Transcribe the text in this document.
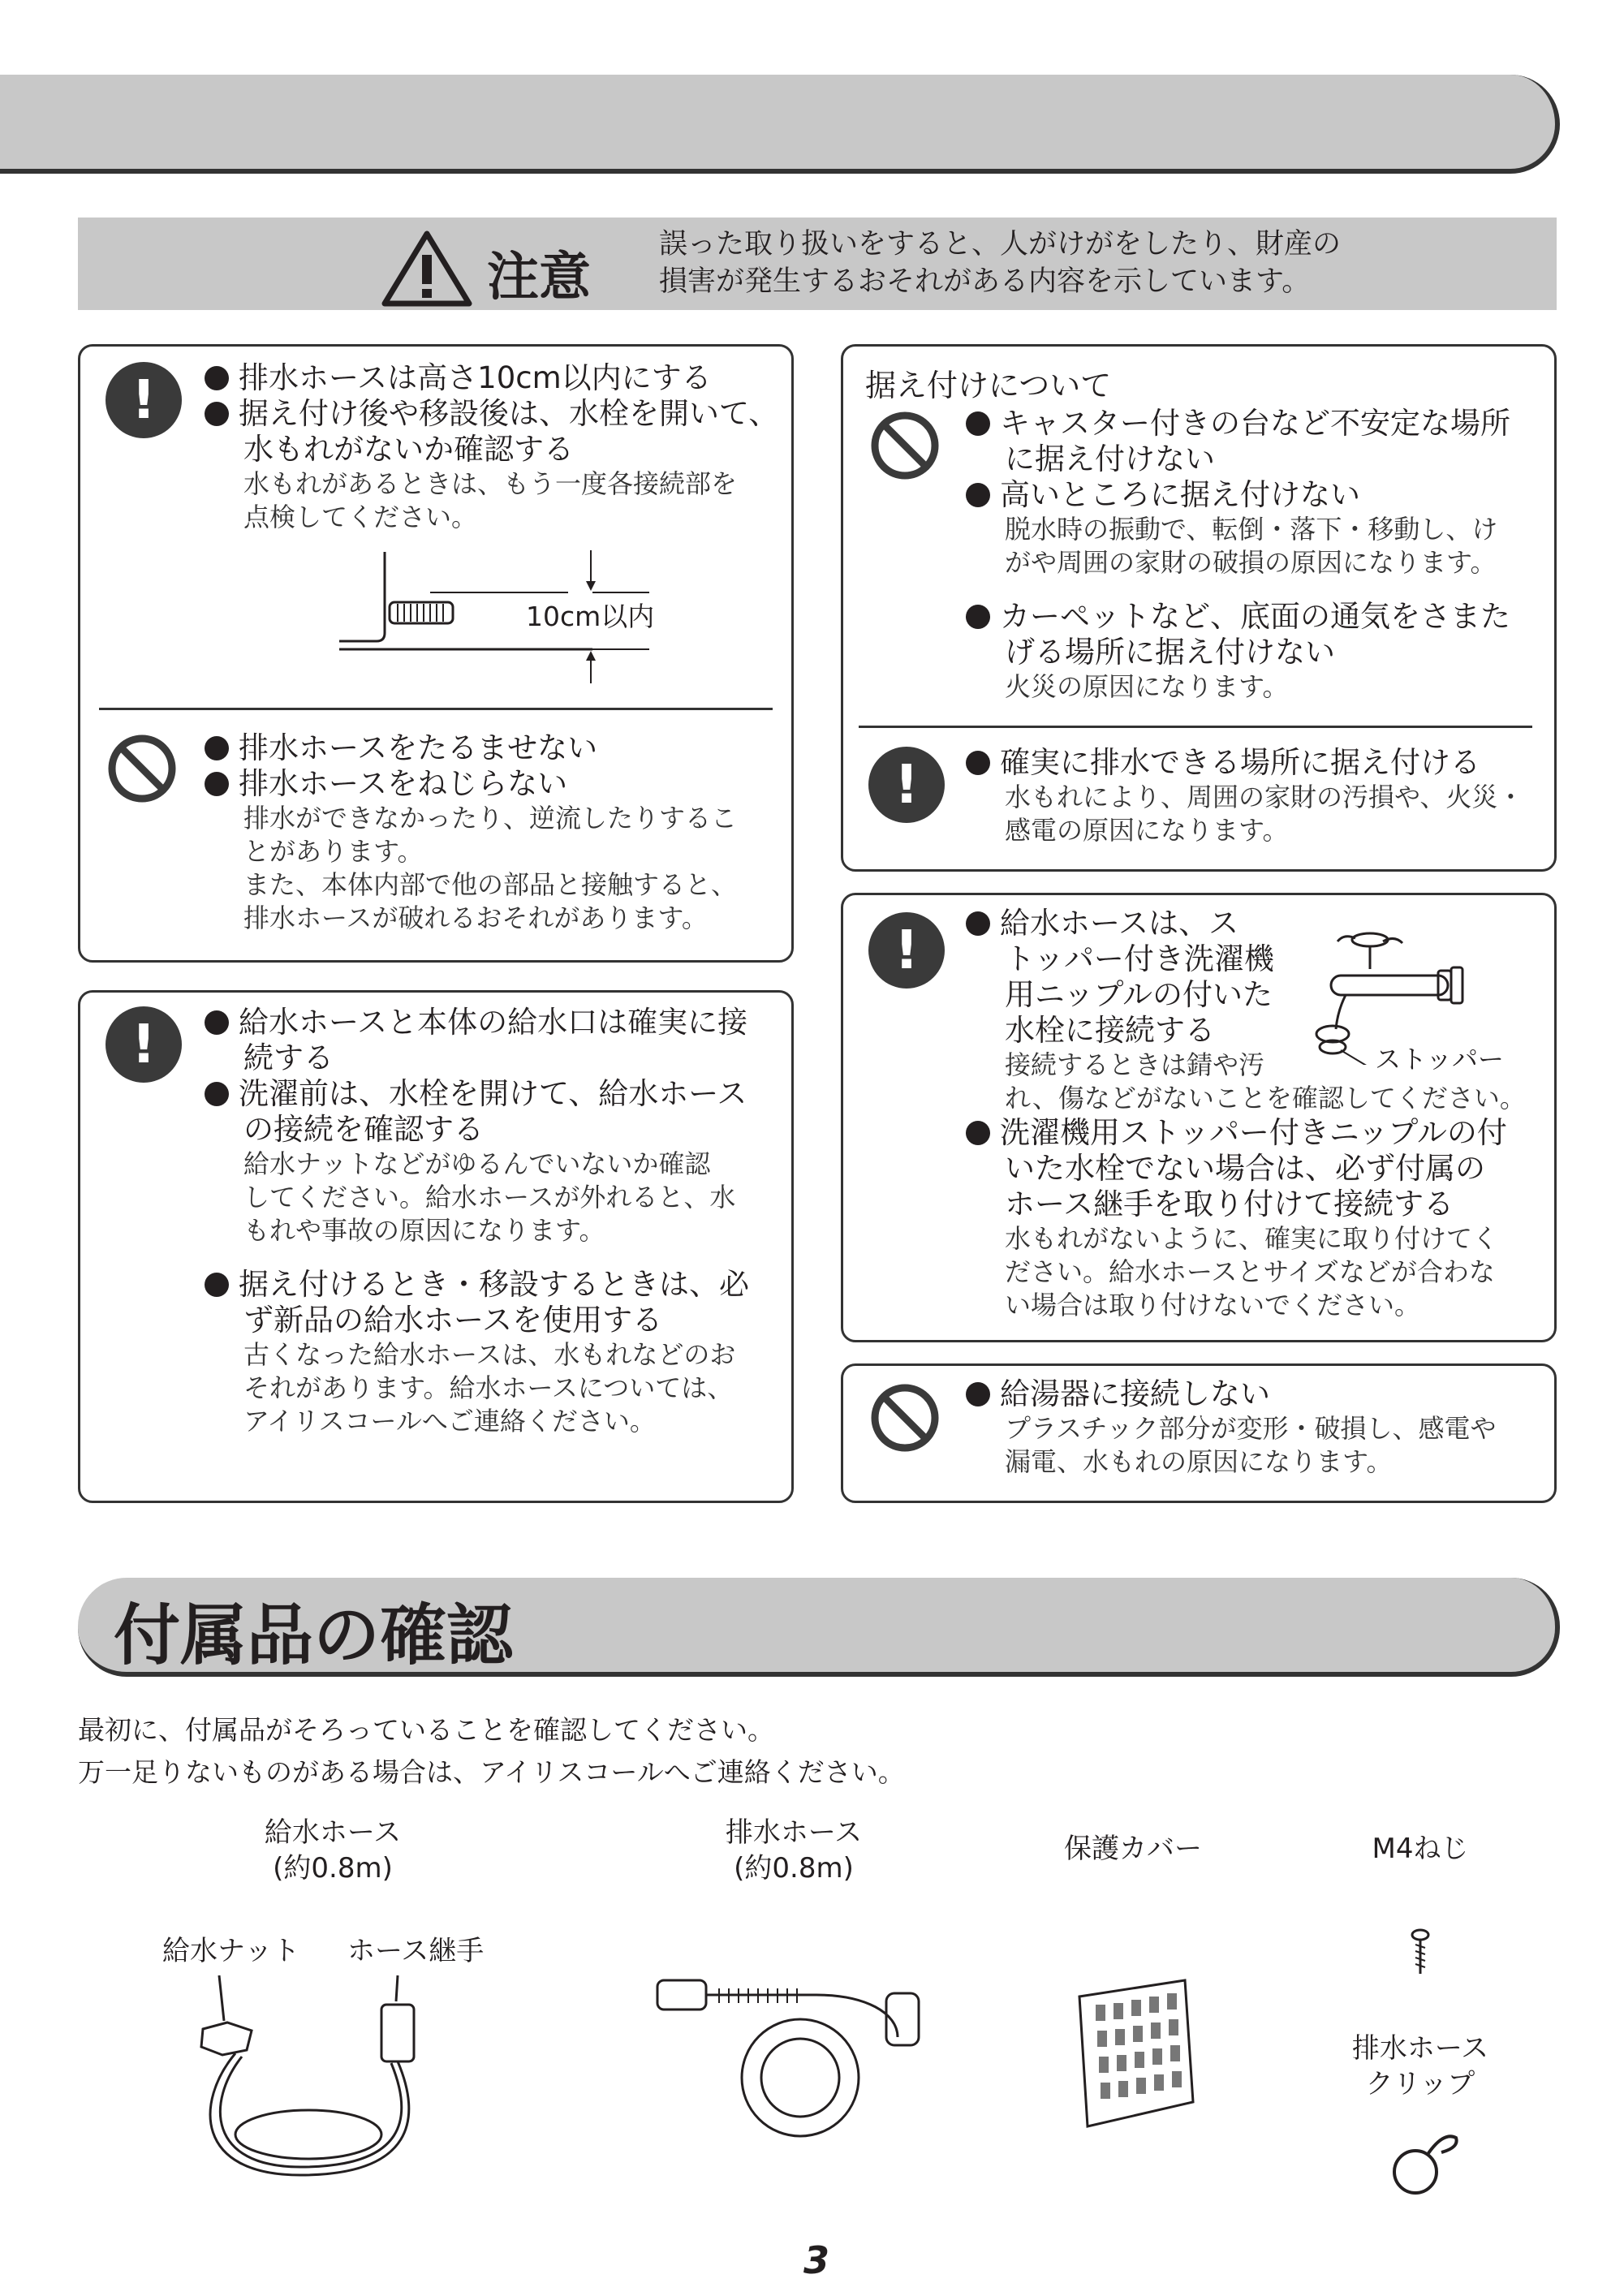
注意
誤った取り扱いをすると、人がけがをしたり、財産の
損害が発生するおそれがある内容を示しています。
!	排水ホースは高さ10cm以内にする
据え付け後や移設後は、水栓を開いて、
水もれがないか確認する
水もれがあるときは、もう一度各接続部を
点検してください。
10cm以内
排水ホースをたるませない
排水ホースをねじらない
排水ができなかったり、逆流したりするこ
とがあります。
また、本体内部で他の部品と接触すると、
排水ホースが破れるおそれがあります。
!	給水ホースと本体の給水口は確実に接
続する
洗濯前は、水栓を開けて、給水ホース
の接続を確認する
給水ナットなどがゆるんでいないか確認
してください。給水ホースが外れると、水
もれや事故の原因になります。
据え付けるとき・移設するときは、必
ず新品の給水ホースを使用する
古くなった給水ホースは、水もれなどのお
それがあります。給水ホースについては、
アイリスコールへご連絡ください。
据え付けについて
キャスター付きの台など不安定な場所
に据え付けない
高いところに据え付けない
脱水時の振動で、転倒・落下・移動し、け
がや周囲の家財の破損の原因になります。
カーペットなど、底面の通気をさまた
げる場所に据え付けない
火災の原因になります。
!	確実に排水できる場所に据え付ける
水もれにより、周囲の家財の汚損や、火災・
感電の原因になります。
!	給水ホースは、ス
トッパー付き洗濯機
用ニップルの付いた
水栓に接続する
接続するときは錆や汚
れ、傷などがないことを確認してください。
洗濯機用ストッパー付きニップルの付
いた水栓でない場合は、必ず付属の
ホース継手を取り付けて接続する
水もれがないように、確実に取り付けてく
ださい。給水ホースとサイズなどが合わな
い場合は取り付けないでください。
ストッパー
給湯器に接続しない
プラスチック部分が変形・破損し、感電や
漏電、水もれの原因になります。
付属品の確認
最初に、付属品がそろっていることを確認してください。
万一足りないものがある場合は、アイリスコールへご連絡ください。
給水ホース
(約0.8m)
給水ナット ホース継手
排水ホース
(約0.8m)
保護カバー	M4ねじ
排水ホース
クリップ
3
